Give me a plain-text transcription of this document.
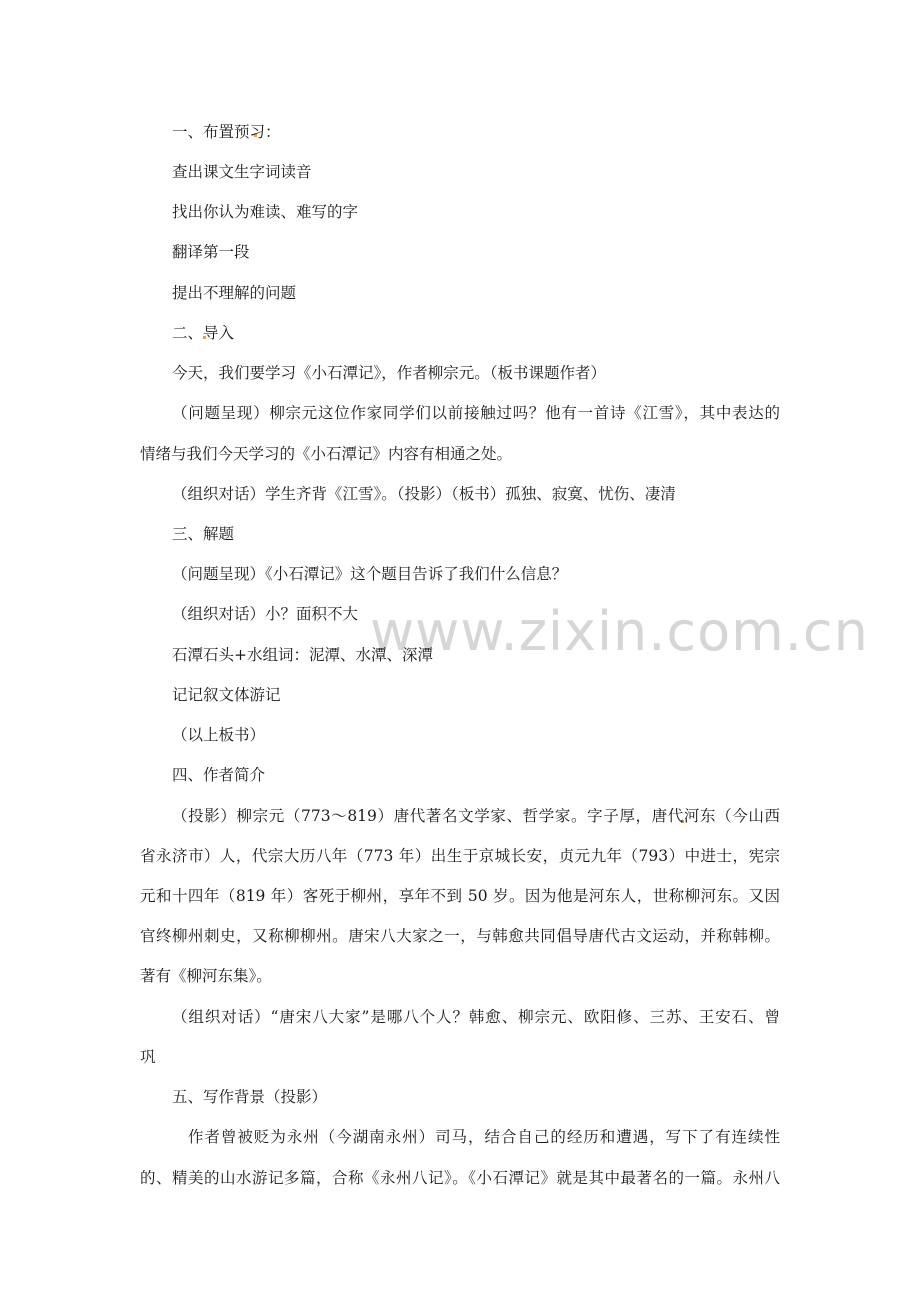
www.zixin.com.cn
一、布置预习：
查出课文生字词读音
找出你认为难读、难写的字
翻译第一段
提出不理解的问题
二、导入
今天，我们要学习《小石潭记》，作者柳宗元。（板书课题作者）
（问题呈现）柳宗元这位作家同学们以前接触过吗？他有一首诗《江雪》，其中表达的
情绪与我们今天学习的《小石潭记》内容有相通之处。
（组织对话）学生齐背《江雪》。（投影）（板书）孤独、寂寞、忧伤、凄清
三、解题
（问题呈现）《小石潭记》这个题目告诉了我们什么信息？
（组织对话）小？面积不大
石潭石头+水组词：泥潭、水潭、深潭
记记叙文体游记
（以上板书）
四、作者简介
（投影）柳宗元（773～819）唐代著名文学家、哲学家。字子厚，唐代河东（今山西
省永济市）人，代宗大历八年（773 年）出生于京城长安，贞元九年（793）中进士，宪宗
元和十四年（819 年）客死于柳州，享年不到 50 岁。因为他是河东人，世称柳河东。又因
官终柳州刺史，又称柳柳州。唐宋八大家之一，与韩愈共同倡导唐代古文运动，并称韩柳。
著有《柳河东集》。
（组织对话）“唐宋八大家”是哪八个人？韩愈、柳宗元、欧阳修、三苏、王安石、曾
巩
五、写作背景（投影）
作者曾被贬为永州（今湖南永州）司马，结合自己的经历和遭遇，写下了有连续性
的、精美的山水游记多篇，合称《永州八记》。《小石潭记》就是其中最著名的一篇。永州八
